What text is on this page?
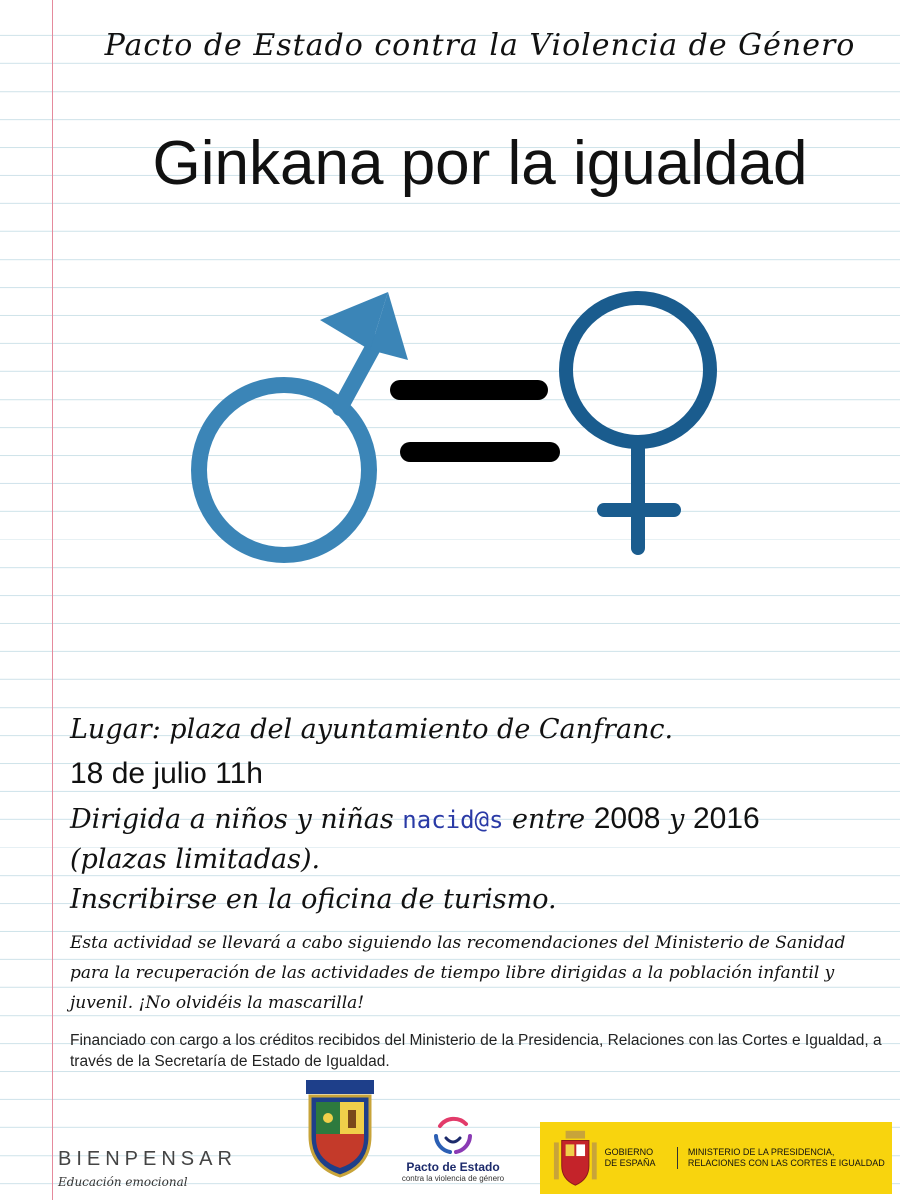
Pacto de Estado contra la Violencia de Género
Ginkana por la igualdad
Lugar: plaza del ayuntamiento de Canfranc.
18 de julio 11h
Dirigida a niños y niñas nacid@s entre 2008 y 2016
(plazas limitadas).
Inscribirse en la oficina de turismo.
Esta actividad se llevará a cabo siguiendo las recomendaciones del Ministerio de Sanidad para la recuperación de las actividades de tiempo libre dirigidas a la población infantil y juvenil. ¡No olvidéis la mascarilla!
Financiado con cargo a los créditos recibidos del Ministerio de la Presidencia, Relaciones con las Cortes e Igualdad, a través de la Secretaría de Estado de Igualdad.
BIENPENSAR
Educación emocional
Pacto de Estado
contra la violencia de género
GOBIERNO DE ESPAÑA
MINISTERIO DE LA PRESIDENCIA, RELACIONES CON LAS CORTES E IGUALDAD
